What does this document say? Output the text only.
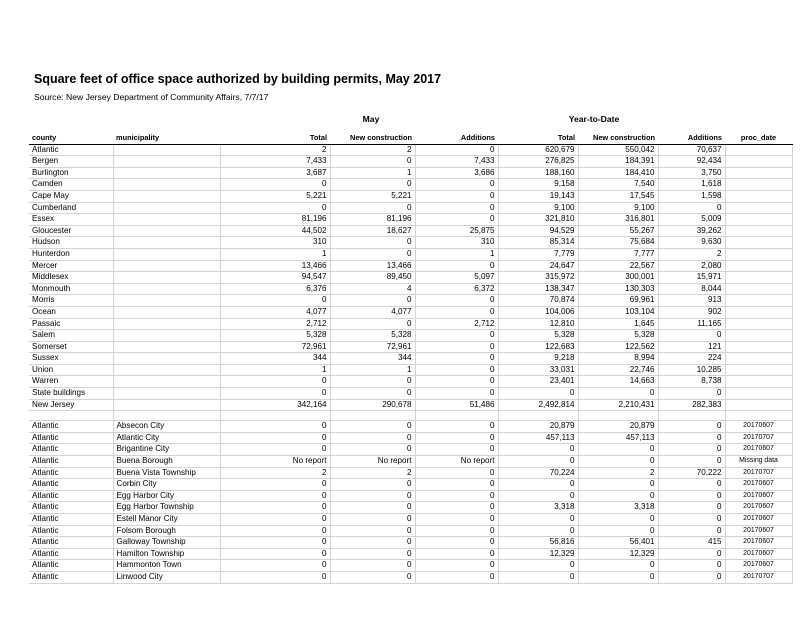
Square feet of office space authorized by building permits, May 2017
Source: New Jersey Department of Community Affairs, 7/7/17
May	Year-to-Date
county	municipality	Total	New construction	Additions	Total	New construction	Additions	proc_date
Atlantic		2	2	0	620,679	550,042	70,637	
Bergen		7,433	0	7,433	276,825	184,391	92,434	
Burlington		3,687	1	3,686	188,160	184,410	3,750	
Camden		0	0	0	9,158	7,540	1,618	
Cape May		5,221	5,221	0	19,143	17,545	1,598	
Cumberland		0	0	0	9,100	9,100	0	
Essex		81,196	81,196	0	321,810	316,801	5,009	
Gloucester		44,502	18,627	25,875	94,529	55,267	39,262	
Hudson		310	0	310	85,314	75,684	9,630	
Hunterdon		1	0	1	7,779	7,777	2	
Mercer		13,466	13,466	0	24,647	22,567	2,080	
Middlesex		94,547	89,450	5,097	315,972	300,001	15,971	
Monmouth		6,376	4	6,372	138,347	130,303	8,044	
Morris		0	0	0	70,874	69,961	913	
Ocean		4,077	4,077	0	104,006	103,104	902	
Passaic		2,712	0	2,712	12,810	1,645	11,165	
Salem		5,328	5,328	0	5,328	5,328	0	
Somerset		72,961	72,961	0	122,683	122,562	121	
Sussex		344	344	0	9,218	8,994	224	
Union		1	1	0	33,031	22,746	10,285	
Warren		0	0	0	23,401	14,663	8,738	
State buildings		0	0	0	0	0	0	
New Jersey		342,164	290,678	51,486	2,492,814	2,210,431	282,383	

Atlantic	Absecon City	0	0	0	20,879	20,879	0	20170607
Atlantic	Atlantic City	0	0	0	457,113	457,113	0	20170707
Atlantic	Brigantine City	0	0	0	0	0	0	20170607
Atlantic	Buena Borough	No report	No report	No report	0	0	0	Missing data
Atlantic	Buena Vista Township	2	2	0	70,224	2	70,222	20170707
Atlantic	Corbin City	0	0	0	0	0	0	20170607
Atlantic	Egg Harbor City	0	0	0	0	0	0	20170607
Atlantic	Egg Harbor Township	0	0	0	3,318	3,318	0	20170607
Atlantic	Estell Manor City	0	0	0	0	0	0	20170607
Atlantic	Folsom Borough	0	0	0	0	0	0	20170607
Atlantic	Galloway Township	0	0	0	56,816	56,401	415	20170607
Atlantic	Hamilton Township	0	0	0	12,329	12,329	0	20170607
Atlantic	Hammonton Town	0	0	0	0	0	0	20170607
Atlantic	Linwood City	0	0	0	0	0	0	20170707
